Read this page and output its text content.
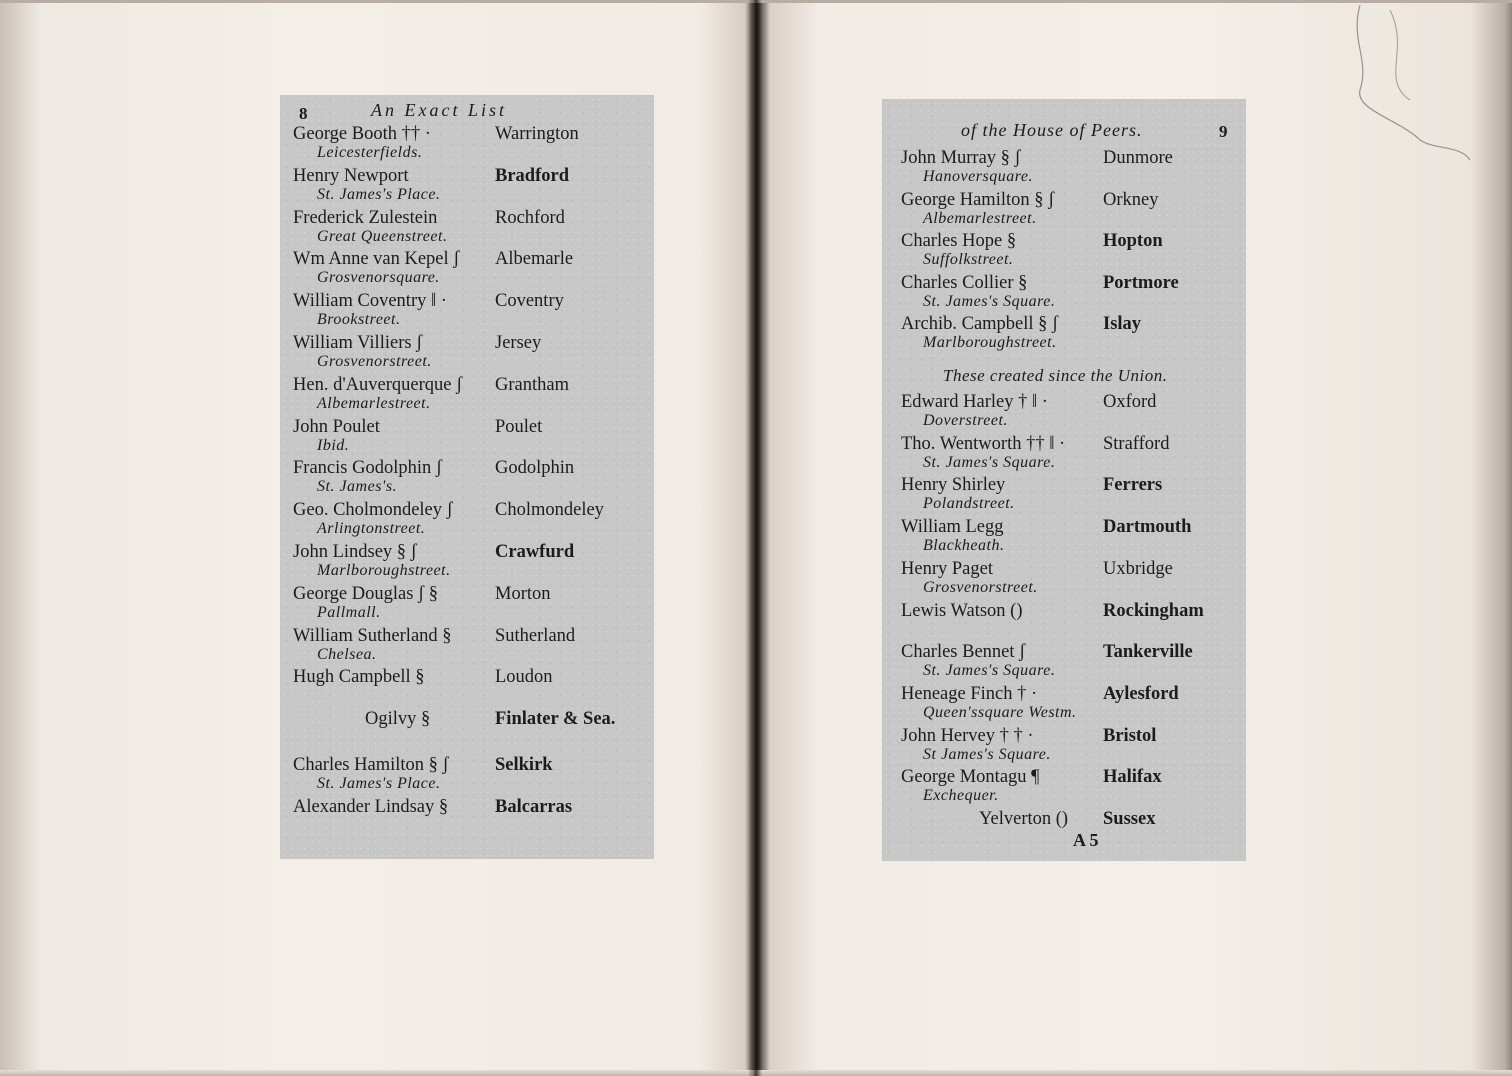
8	An Exact List
George Booth †† ·	Warrington
Leicesterfields.
Henry Newport	Bradford
St. James's Place.
Frederick Zulestein	Rochford
Great Queenstreet.
Wm Anne van Kepel ʃ Albemarle
Grosvenorsquare.
William Coventry ‖ ·	Coventry
Brookstreet.
William Villiers ʃ	Jersey
Grosvenorstreet.
Hen. d'Auverquerque ʃ Grantham
Albemarlestreet.
John Poulet	Poulet
Ibid.
Francis Godolphin ʃ	Godolphin
St. James's.
Geo. Cholmondeley ʃ Cholmondeley
Arlingtonstreet.
John Lindsey § ʃ	Crawfurd
Marlboroughstreet.
George Douglas ʃ §	Morton
Pallmall.
William Sutherland § Sutherland
Chelsea.
Hugh Campbell §	Loudon
Ogilvy §	Finlater & Sea.
Charles Hamilton § ʃ	Selkirk
St. James's Place.
Alexander Lindsay §	Balcarras
of the House of Peers.	9
John Murray § ʃ	Dunmore
Hanoversquare.
George Hamilton § ʃ	Orkney
Albemarlestreet.
Charles Hope §	Hopton
Suffolkstreet.
Charles Collier §	Portmore
St. James's Square.
Archib. Campbell § ʃ Islay
Marlboroughstreet.
These created since the Union.
Edward Harley † ‖ ·	Oxford
Doverstreet.
Tho. Wentworth †† ‖ · Strafford
St. James's Square.
Henry Shirley	Ferrers
Polandstreet.
William Legg	Dartmouth
Blackheath.
Henry Paget	Uxbridge
Grosvenorstreet.
Lewis Watson ()	Rockingham
Charles Bennet ʃ	Tankerville
St. James's Square.
Heneage Finch † ·	Aylesford
Queen'ssquare Westm.
John Hervey † † ·	Bristol
St James's Square.
George Montagu ¶	Halifax
Exchequer.
Yelverton () Sussex
A 5
